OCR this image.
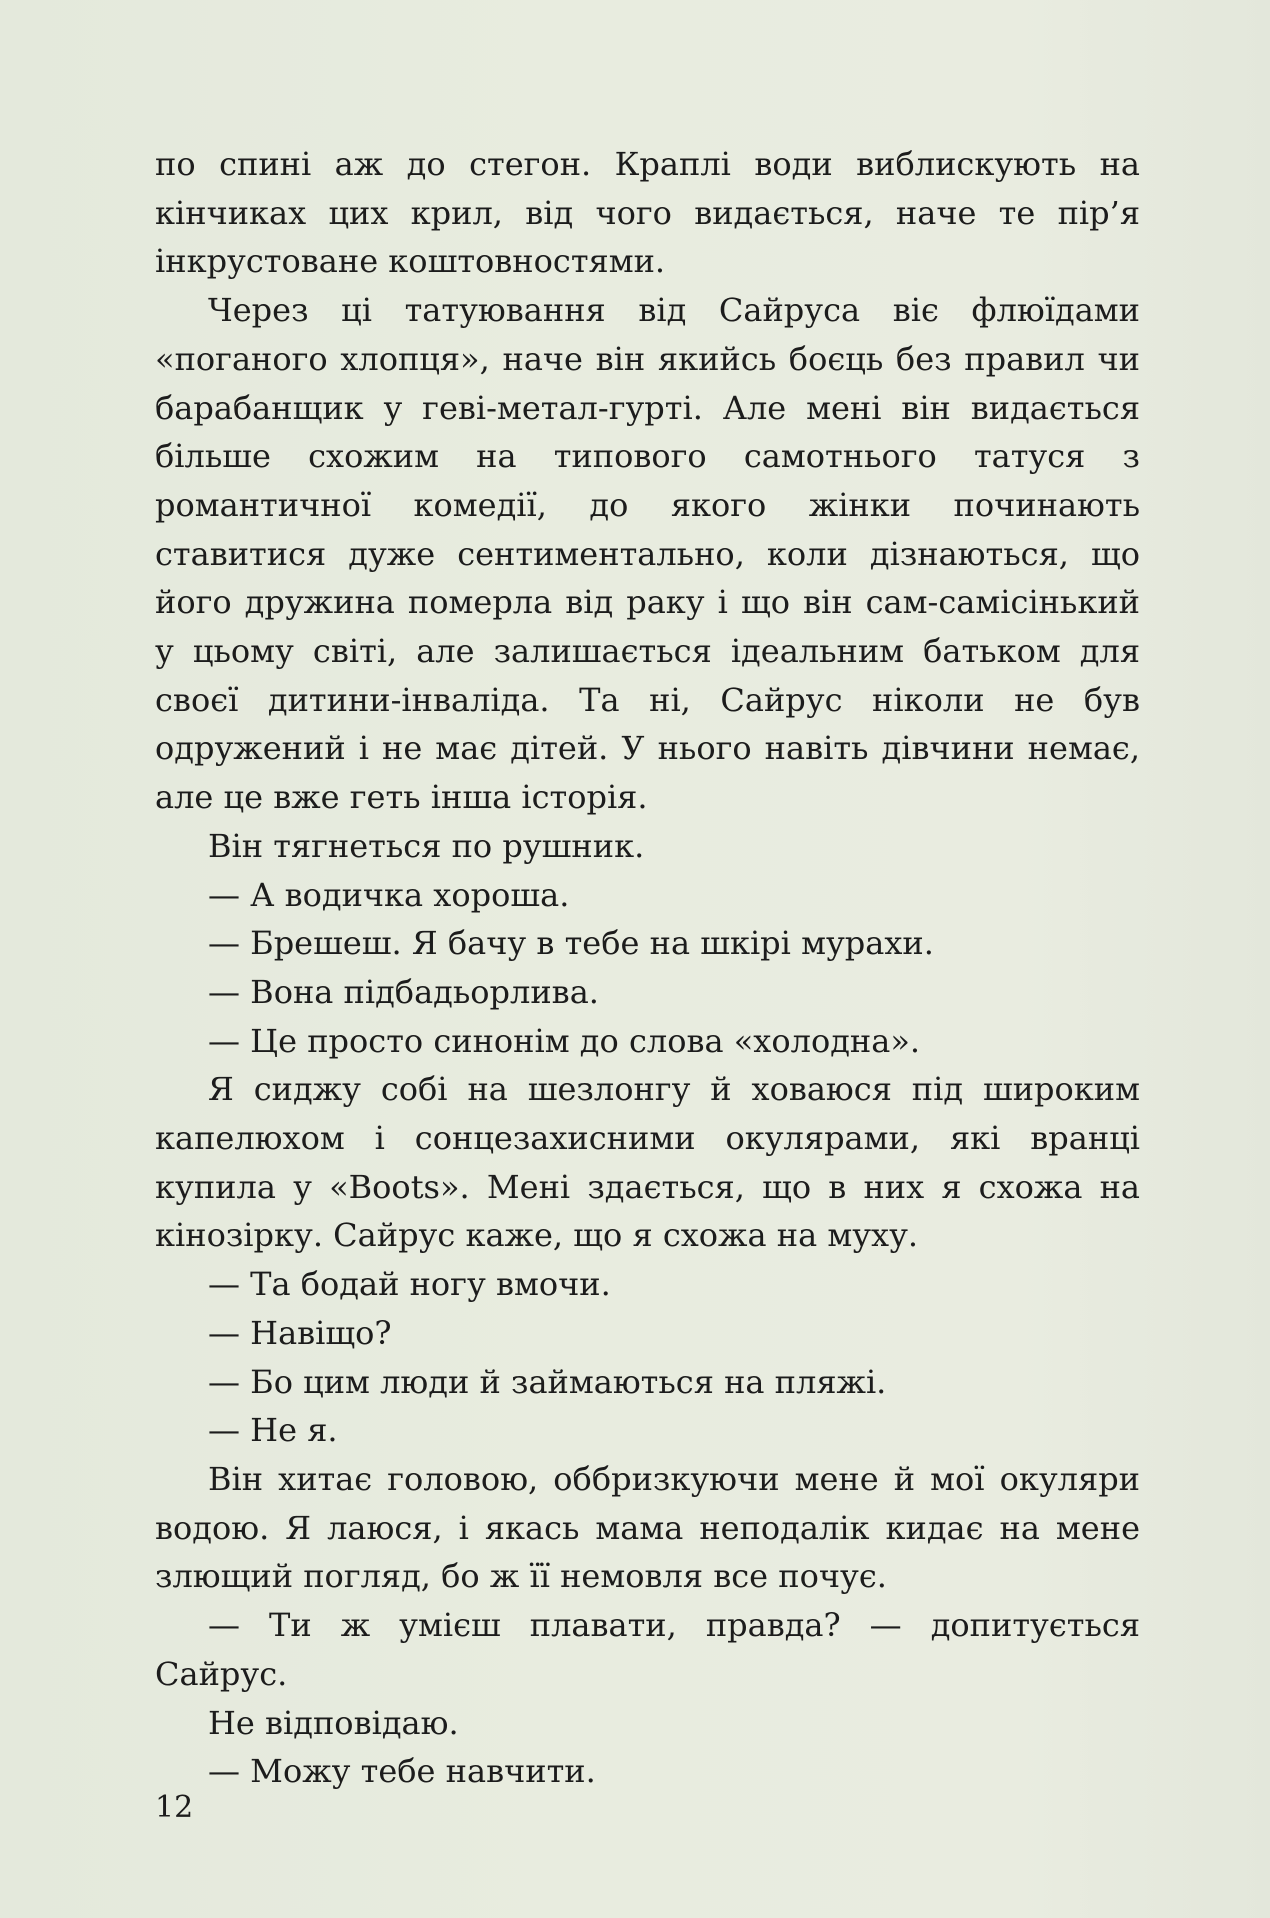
по спині аж до стегон. Краплі води виблискують на кінчиках цих крил, від чого видається, наче те пір’я інкрустоване коштовностями.

Через ці татуювання від Сайруса віє флюїдами «поганого хлопця», наче він якийсь боєць без правил чи барабанщик у геві-метал-гурті. Але мені він видається більше схожим на типового самотнього татуся з романтичної комедії, до якого жінки починають ставитися дуже сентиментально, коли дізнаються, що його дружина померла від раку і що він сам-самісінький у цьому світі, але залишається ідеальним батьком для своєї дитини-інваліда. Та ні, Сайрус ніколи не був одружений і не має дітей. У нього навіть дівчини немає, але це вже геть інша історія.

Він тягнеться по рушник.

— А водичка хороша.

— Брешеш. Я бачу в тебе на шкірі мурахи.

— Вона підбадьорлива.

— Це просто синонім до слова «холодна».

Я сиджу собі на шезлонгу й ховаюся під широким капелюхом і сонцезахисними окулярами, які вранці купила у «Boots». Мені здається, що в них я схожа на кінозірку. Сайрус каже, що я схожа на муху.

— Та бодай ногу вмочи.

— Навіщо?

— Бо цим люди й займаються на пляжі.

— Не я.

Він хитає головою, оббризкуючи мене й мої окуляри водою. Я лаюся, і якась мама неподалік кидає на мене злющий погляд, бо ж її немовля все почує.

— Ти ж умієш плавати, правда? — допитується Сайрус.

Не відповідаю.

— Можу тебе навчити.

12
